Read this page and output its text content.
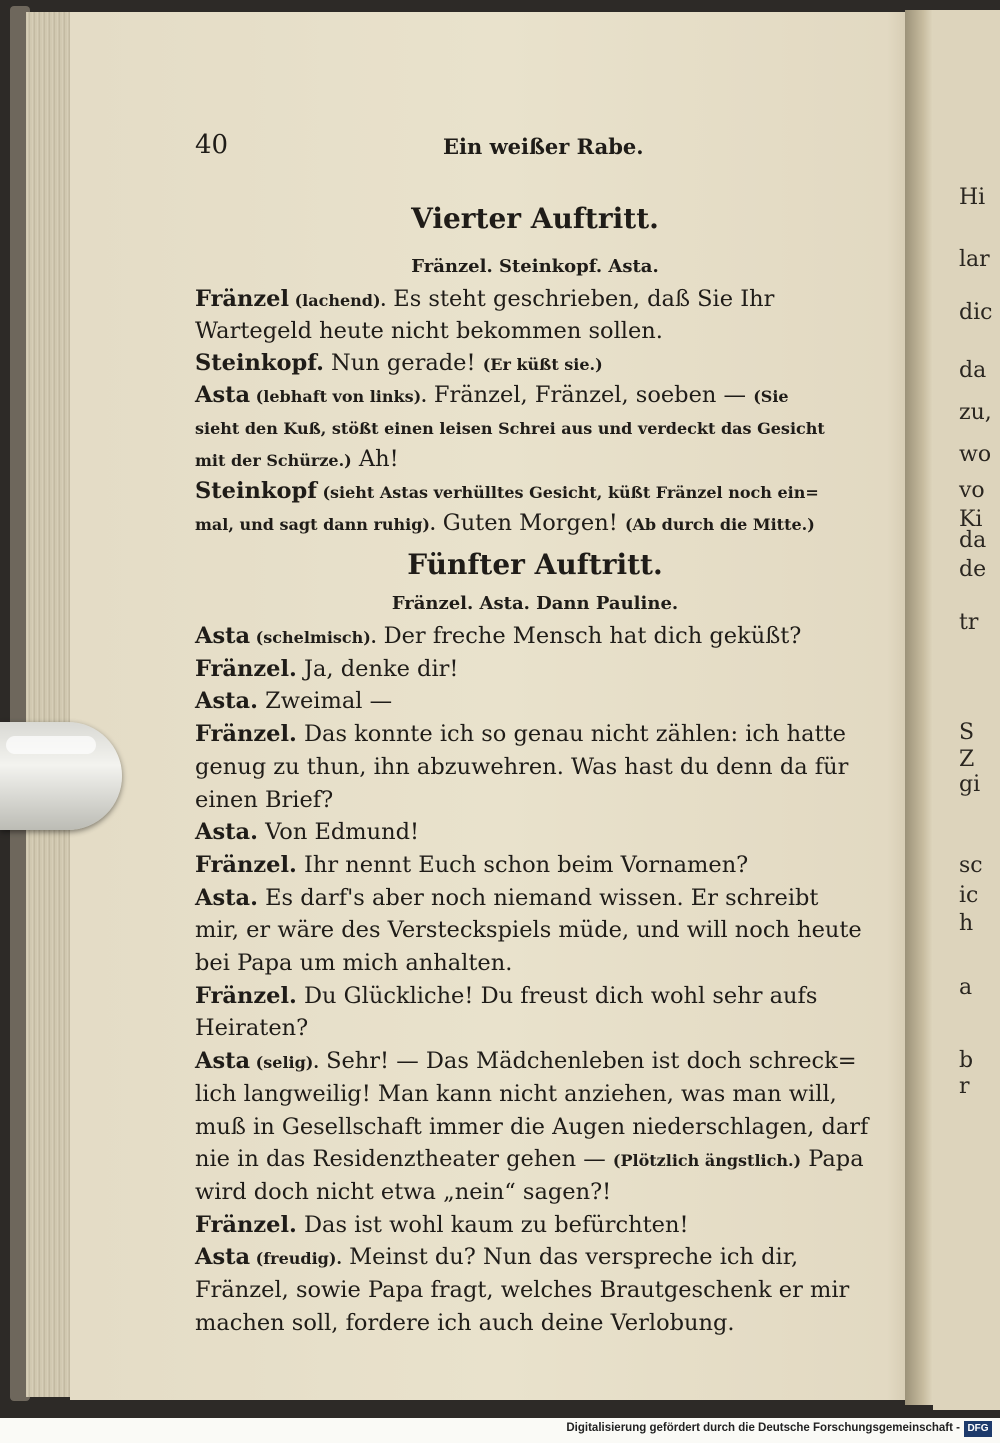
Hi
lar
dic
da
zu,
wo
vo
Ki
da
de
tr
S
Z
gi
sc
ic
h
a
b
r
40	Ein weißer Rabe.
Vierter Auftritt.
Fränzel. Steinkopf. Asta.
Fränzel (lachend). Es steht geschrieben, daß Sie Ihr
Wartegeld heute nicht bekommen sollen.
Steinkopf. Nun gerade! (Er küßt sie.)
Asta (lebhaft von links). Fränzel, Fränzel, soeben — (Sie
sieht den Kuß, stößt einen leisen Schrei aus und verdeckt das Gesicht
mit der Schürze.) Ah!
Steinkopf (sieht Astas verhülltes Gesicht, küßt Fränzel noch ein=
mal, und sagt dann ruhig). Guten Morgen! (Ab durch die Mitte.)
Fünfter Auftritt.
Fränzel. Asta. Dann Pauline.
Asta (schelmisch). Der freche Mensch hat dich geküßt?
Fränzel. Ja, denke dir!
Asta. Zweimal —
Fränzel. Das konnte ich so genau nicht zählen: ich hatte
genug zu thun, ihn abzuwehren. Was hast du denn da für
einen Brief?
Asta. Von Edmund!
Fränzel. Ihr nennt Euch schon beim Vornamen?
Asta. Es darf's aber noch niemand wissen. Er schreibt
mir, er wäre des Versteckspiels müde, und will noch heute
bei Papa um mich anhalten.
Fränzel. Du Glückliche! Du freust dich wohl sehr aufs
Heiraten?
Asta (selig). Sehr! — Das Mädchenleben ist doch schreck=
lich langweilig! Man kann nicht anziehen, was man will,
muß in Gesellschaft immer die Augen niederschlagen, darf
nie in das Residenztheater gehen — (Plötzlich ängstlich.) Papa
wird doch nicht etwa „nein“ sagen?!
Fränzel. Das ist wohl kaum zu befürchten!
Asta (freudig). Meinst du? Nun das verspreche ich dir,
Fränzel, sowie Papa fragt, welches Brautgeschenk er mir
machen soll, fordere ich auch deine Verlobung.
Digitalisierung gefördert durch die Deutsche Forschungsgemeinschaft - DFG
